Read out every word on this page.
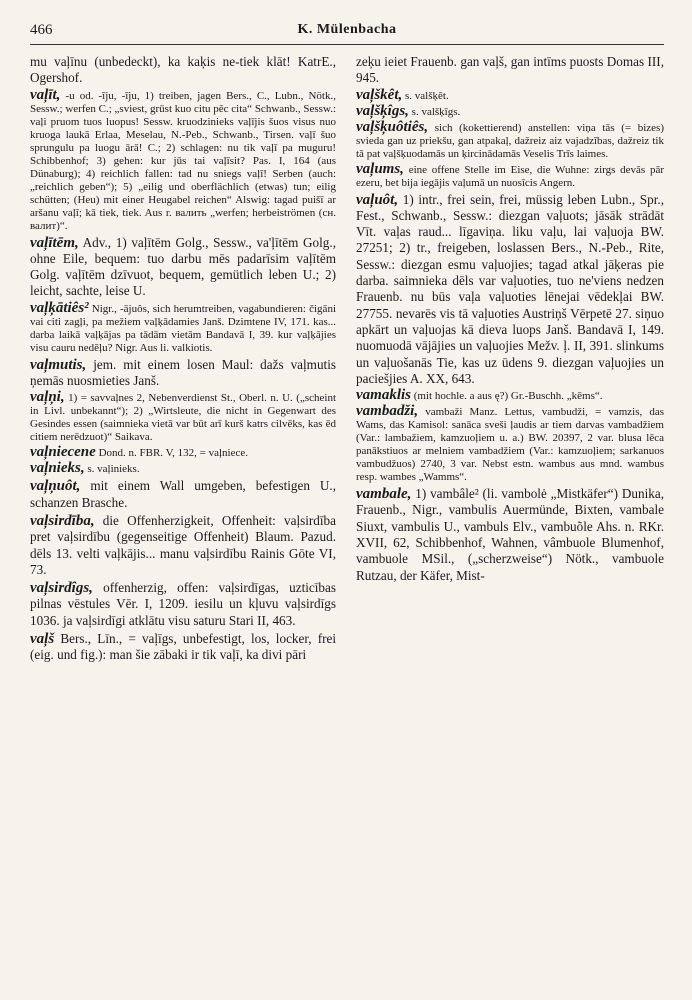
466	K. Mülenbacha

mu vaļīnu (unbedeckt), ka kaķis ne-tiek klāt! KatrE., Ogershof.

vaļīt, -u od. -īju, -īju, 1) treiben, jagen Bers., C., Lubn., Nötk., Sessw.; werfen C.; „sviest, grūst kuo citu pēc cita“ Schwanb., Sessw.: vaļi pruom tuos luopus! Sessw. kruodzinieks vaļījis šuos visus nuo kruoga laukā Erlaa, Meselau, N.-Peb., Schwanb., Tirsen. vaļī šuo sprungulu pa luogu ārā! C.; 2) schlagen: nu tik vaļī pa muguru! Schibbenhof; 3) gehen: kur jūs tai vaļīsit? Pas. I, 164 (aus Dünaburg); 4) reichlich fallen: tad nu sniegs vaļī! Serben (auch: „reichlich geben“); 5) „eilig und oberflächlich (etwas) tun; eilig schütten; (Heu) mit einer Heugabel reichen“ Alswig: tagad puišī ar aršanu vaļī; kā tiek, tiek. Aus r. валить „werfen; herbeiströmen (сн. валит)“.

vaļītēm, Adv., 1) vaļītēm Golg., Sessw., va'ļītēm Golg., ohne Eile, bequem: tuo darbu mēs padarīsim vaļītēm Golg. vaļītēm dzīvuot, bequem, gemütlich leben U.; 2) leicht, sachte, leise U.

vaļķātiês² Nigr., -ājuôs, sich herumtreiben, vagabundieren: čigāni vai citi zagļi, pa mežiem vaļķādamies Janš. Dzimtene IV, 171. kas... darba laikā vaļķājas pa tādām vietām Bandavā I, 39. kur vaļķājies visu cauru nedēļu? Nigr. Aus li. valkiotis.

vaļmutis, jem. mit einem losen Maul: dažs vaļmutis ņemās nuosmieties Janš.

vaļņi, 1) = savvaļnes 2, Nebenverdienst St., Oberl. n. U. („scheint in Livl. unbekannt“); 2) „Wirtsleute, die nicht in Gegenwart des Gesindes essen (saimnieka vietā var būt arī kurš katrs cilvēks, kas ēd citiem nerēdzuot)“ Saikava.

vaļniecene Dond. n. FBR. V, 132, = vaļniece.

vaļnieks, s. vaļinieks.

vaļņuôt, mit einem Wall umgeben, befestigen U., schanzen Brasche.

vaļsirdība, die Offenherzigkeit, Offenheit: vaļsirdība pret vaļsirdību (gegenseitige Offenheit) Blaum. Pazud. dēls 13. velti vaļkājis... manu vaļsirdību Rainis Gōte VI, 73.

vaļsirdîgs, offenherzig, offen: vaļsirdīgas, uzticības pilnas vēstules Vēr. I, 1209. iesilu un kļuvu vaļsirdīgs 1036. ja vaļsirdīgi atklātu visu saturu Stari II, 463.

vaļš Bers., Līn., = vaļīgs, unbefestigt, los, locker, frei (eig. und fig.): man šie zābaki ir tik vaļī, ka divi pāri

zeķu ieiet Frauenb. gan vaļš, gan intīms puosts Domas III, 945.

vaļškêt, s. valšķēt.

vaļšķîgs, s. valšķīgs.

vaļšķuôtiês, sich (kokettierend) anstellen: viņa tās (= bizes) svieda gan uz priekšu, gan atpakaļ, dažreiz aiz vajadzības, dažreiz tik tā pat vaļšķuodamās un ķircinādamās Veselis Trīs laimes.

vaļums, eine offene Stelle im Eise, die Wuhne: zirgs devās pār ezeru, bet bija iegājis vaļumā un nuosīcis Angern.

vaļuôt, 1) intr., frei sein, frei, müssig leben Lubn., Spr., Fest., Schwanb., Sessw.: diezgan vaļuots; jāsāk strādāt Vīt. vaļas raud... līgaviņa. liku vaļu, lai vaļuoja BW. 27251; 2) tr., freigeben, loslassen Bers., N.-Peb., Rite, Sessw.: diezgan esmu vaļuojies; tagad atkal jāķeras pie darba. saimnieka dēls var vaļuoties, tuo ne'viens nedzen Frauenb. nu būs vaļa vaļuoties lēnejai vēdekļai BW. 27755. nevarēs vis tā vaļuoties Austriņš Vērpetē 27. siņuo apkārt un vaļuojas kā dieva luops Janš. Bandavā I, 149. nuomuodā vājājies un vaļuojies Mežv. ļ. II, 391. slinkums un vaļuošanās Tie, kas uz ūdens 9. diezgan vaļuojies un paciešjies A. XX, 643.

vamaklis (mit hochle. a aus ę?) Gr.-Buschh. „kēms“.

vambadži, vambaži Manz. Lettus, vambudži, = vamzis, das Wams, das Kamisol: sanāca sveši ļaudis ar tiem darvas vambadžiem (Var.: lambažiem, kamzuoļiem u. a.) BW. 20397, 2 var. blusa lēca panākstiuos ar melniem vambadžiem (Var.: kamzuoļiem; sarkanuos vambudžuos) 2740, 3 var. Nebst estn. wambus aus mnd. wambus resp. wambes „Wamms“.

vambale, 1) vambâle² (li. vambolė „Mistkäfer“) Dunika, Frauenb., Nigr., vambulis Auermünde, Bixten, vambale Siuxt, vambulis U., vambuls Elv., vambuõle Ahs. n. RKr. XVII, 62, Schibbenhof, Wahnen, vâmbuole Blumenhof, vambuole MSil., („scherzweise“) Nötk., vambuole Rutzau, der Käfer, Mist-
